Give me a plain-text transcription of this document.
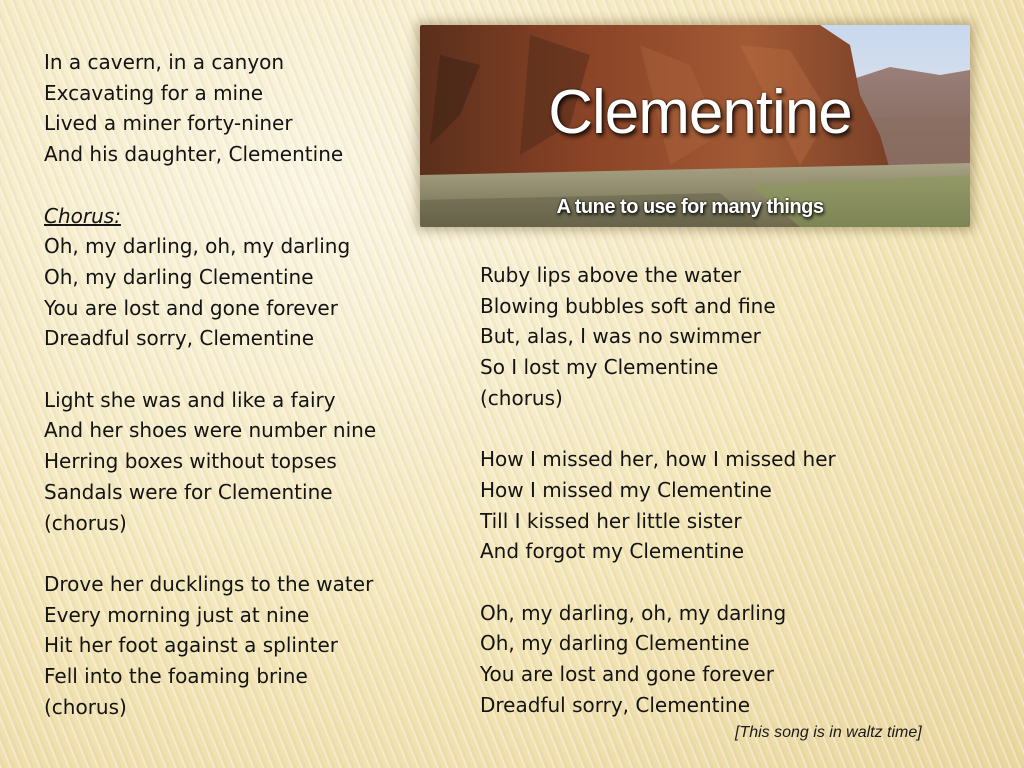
In a cavern, in a canyon
Excavating for a mine
Lived a miner forty-niner
And his daughter, Clementine
Chorus:
Oh, my darling, oh, my darling
Oh, my darling Clementine
You are lost and gone forever
Dreadful sorry, Clementine
Light she was and like a fairy
And her shoes were number nine
Herring boxes without topses
Sandals were for Clementine
(chorus)
Drove her ducklings to the water
Every morning just at nine
Hit her foot against a splinter
Fell into the foaming brine
(chorus)
Clementine

A tune to use for many things

Ruby lips above the water
Blowing bubbles soft and fine
But, alas, I was no swimmer
So I lost my Clementine
(chorus)
How I missed her, how I missed her
How I missed my Clementine
Till I kissed her little sister
And forgot my Clementine
Oh, my darling, oh, my darling
Oh, my darling Clementine
You are lost and gone forever
Dreadful sorry, Clementine
[This song is in waltz time]
